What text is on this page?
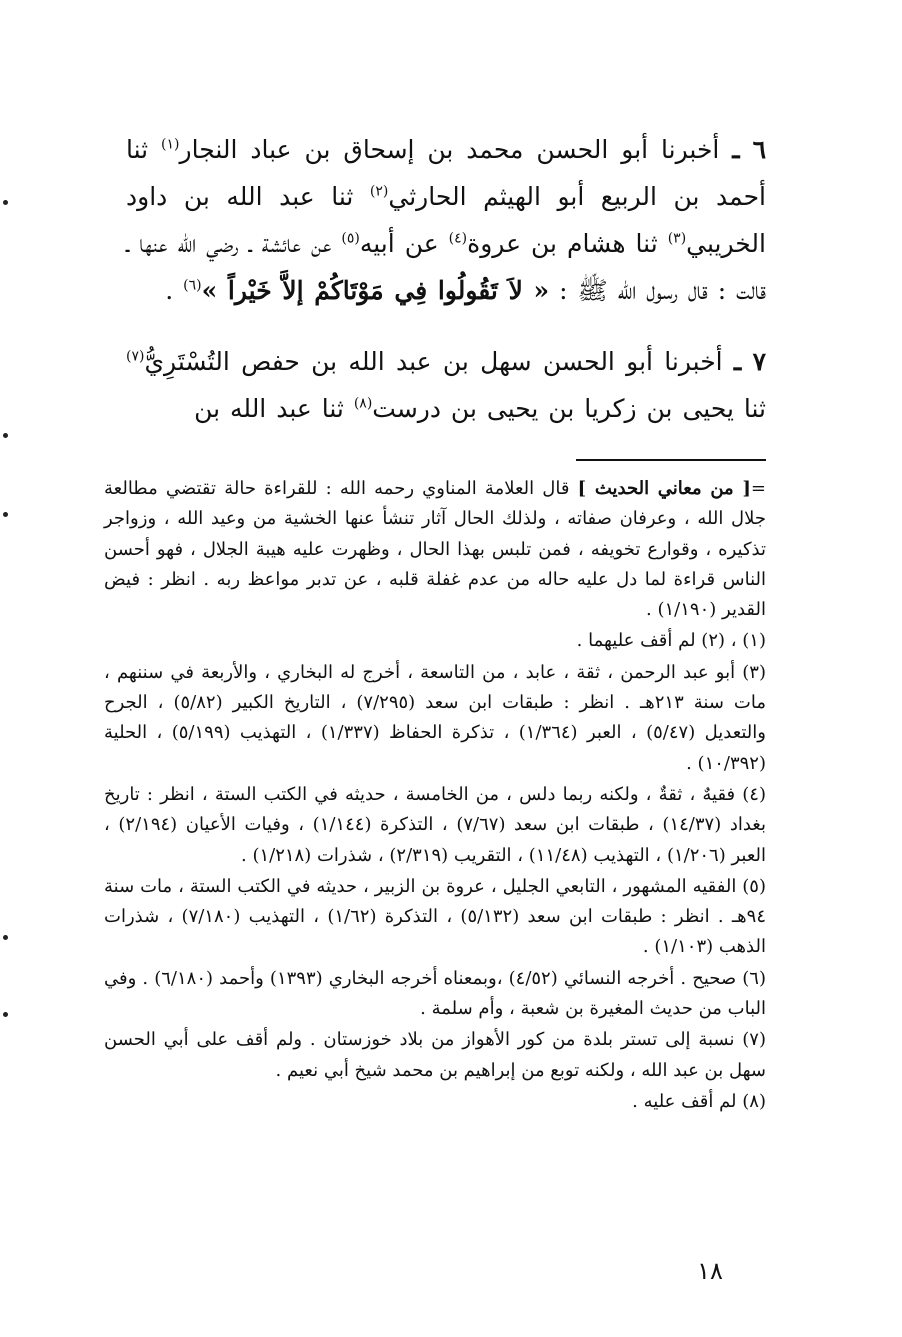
٦ ـ أخبرنا أبو الحسن محمد بن إسحاق بن عباد النجار$^{(١)}$ ثنا أحمد بن الربيع أبو الهيثم الحارثي$^{(٢)}$ ثنا عبد الله بن داود الخريبي$^{(٣)}$ ثنا هشام بن عروة$^{(٤)}$ عن أبيه$^{(٥)}$ عن عائشة ـ رضي الله عنها ـ قالت : قال رسول الله ﷺ : « لاَ تَقُولُوا فِي مَوْتَاكُمْ إلاَّ خَيْراً »$^{(٦)}$ .

٧ ـ أخبرنا أبو الحسن سهل بن عبد الله بن حفص التُسْتَرِيُّ$^{(٧)}$ ثنا يحيى بن زكريا بن يحيى بن درست$^{(٨)}$ ثنا عبد الله بن

=[ من معاني الحديث ] قال العلامة المناوي رحمه الله : للقراءة حالة تقتضي مطالعة جلال الله ، وعرفان صفاته ، ولذلك الحال آثار تنشأ عنها الخشية من وعيد الله ، وزواجر تذكيره ، وقوارع تخويفه ، فمن تلبس بهذا الحال ، وظهرت عليه هيبة الجلال ، فهو أحسن الناس قراءة لما دل عليه حاله من عدم غفلة قلبه ، عن تدبر مواعظ ربه . انظر : فيض القدير (١/١٩٠) .

(١) ، (٢) لم أقف عليهما .

(٣) أبو عبد الرحمن ، ثقة ، عابد ، من التاسعة ، أخرج له البخاري ، والأربعة في سننهم ، مات سنة ٢١٣هـ . انظر : طبقات ابن سعد (٧/٢٩٥) ، التاريخ الكبير (٥/٨٢) ، الجرح والتعديل (٥/٤٧) ، العبر (١/٣٦٤) ، تذكرة الحفاظ (١/٣٣٧) ، التهذيب (٥/١٩٩) ، الحلية (١٠/٣٩٢) .

(٤) فقيهٌ ، ثقةٌ ، ولكنه ربما دلس ، من الخامسة ، حديثه في الكتب الستة ، انظر : تاريخ بغداد (١٤/٣٧) ، طبقات ابن سعد (٧/٦٧) ، التذكرة (١/١٤٤) ، وفيات الأعيان (٢/١٩٤) ، العبر (١/٢٠٦) ، التهذيب (١١/٤٨) ، التقريب (٢/٣١٩) ، شذرات (١/٢١٨) .

(٥) الفقيه المشهور ، التابعي الجليل ، عروة بن الزبير ، حديثه في الكتب الستة ، مات سنة ٩٤هـ . انظر : طبقات ابن سعد (٥/١٣٢) ، التذكرة (١/٦٢) ، التهذيب (٧/١٨٠) ، شذرات الذهب (١/١٠٣) .

(٦) صحيح . أخرجه النسائي (٤/٥٢) ،وبمعناه أخرجه البخاري (١٣٩٣) وأحمد (٦/١٨٠) . وفي الباب من حديث المغيرة بن شعبة ، وأم سلمة .

(٧) نسبة إلى تستر بلدة من كور الأهواز من بلاد خوزستان . ولم أقف على أبي الحسن سهل بن عبد الله ، ولكنه توبع من إبراهيم بن محمد شيخ أبي نعيم .

(٨) لم أقف عليه .

١٨
